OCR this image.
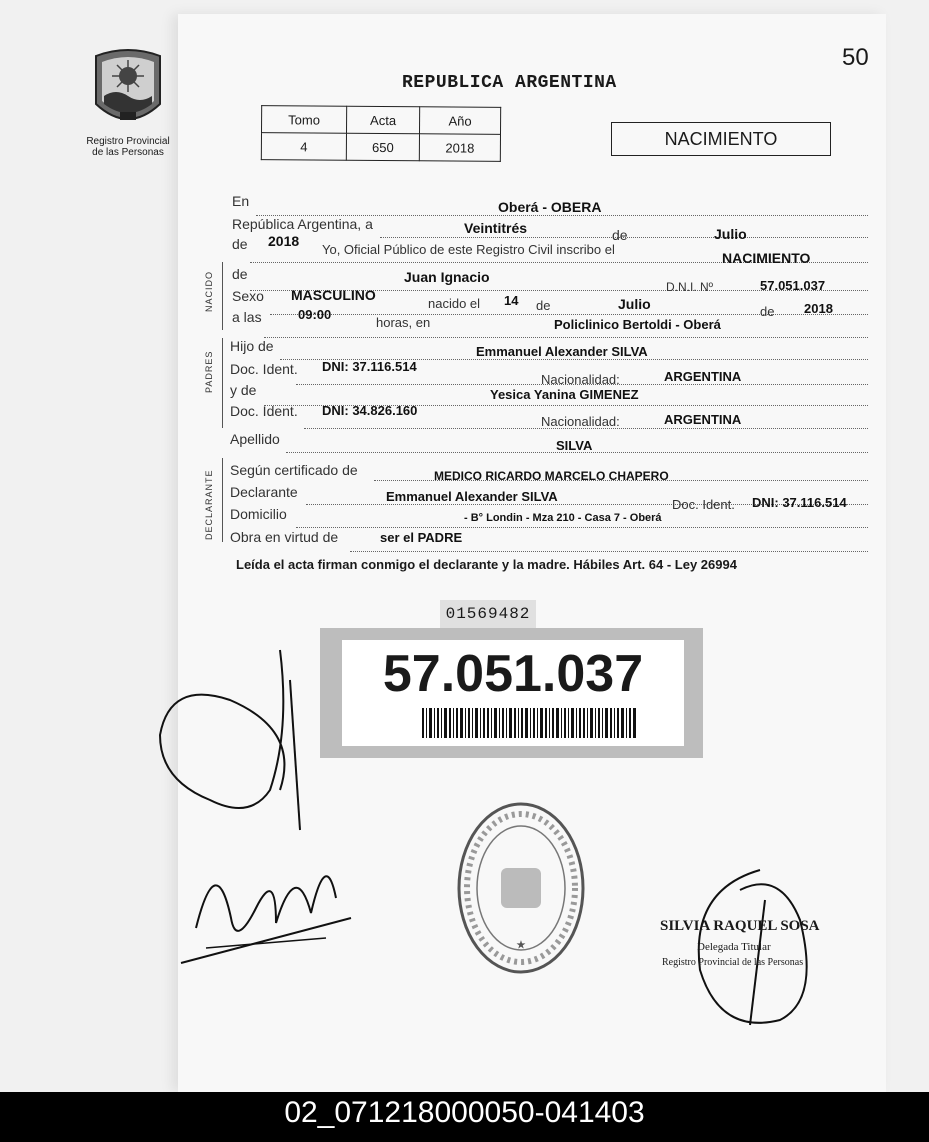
50
Registro Provincial
de las Personas
REPUBLICA ARGENTINA
Tomo	Acta	Año
4	650	2018	NACIMIENTO
NACIDO
PADRES
DECLARANTE
En	Oberá - OBERA
República Argentina, a	Veintitrés	de	Julio
de 2018
Yo, Oficial Público de este Registro Civil inscribo el
NACIMIENTO
de	Juan Ignacio
D.N.I. Nº	57.051.037
Sexo MASCULINO
nacido el 14 de	Julio	de 2018
a las	09:00
horas, en	Policlinico Bertoldi - Oberá
Hijo de	Emmanuel Alexander SILVA
Doc. Ident. DNI: 37.116.514
Nacionalidad:	ARGENTINA
y de	Yesica Yanina GIMENEZ
Doc. Ident. DNI: 34.826.160
Nacionalidad:	ARGENTINA
Apellido	SILVA
Según certificado de	MEDICO RICARDO MARCELO CHAPERO
Declarante	Emmanuel Alexander SILVA
Doc. Ident. DNI: 37.116.514
Domicilio	- B° Londin - Mza 210 - Casa 7 - Oberá
Obra en virtud de	ser el PADRE
Leída el acta firman conmigo el declarante y la madre. Hábiles Art. 64 - Ley 26994
01569482
57.051.037
★
SILVIA RAQUEL SOSA
Delegada Titular
Registro Provincial de las Personas
02_071218000050-041403
